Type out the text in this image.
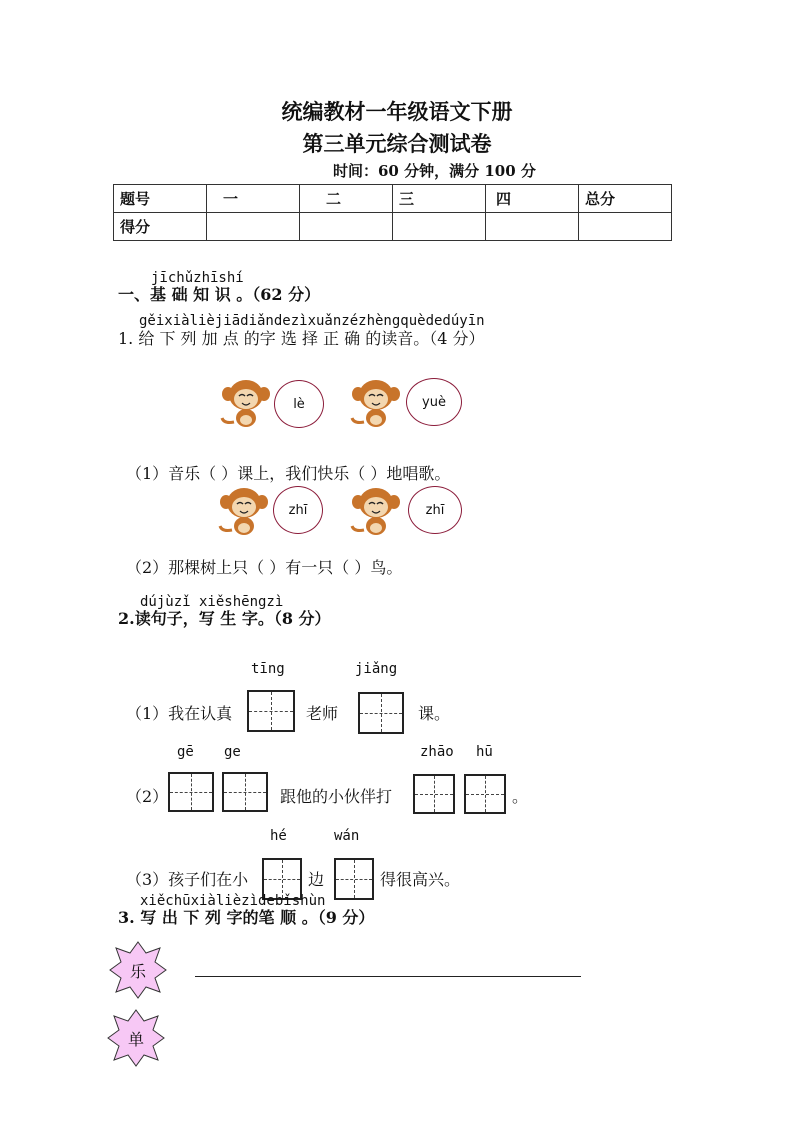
统编教材一年级语文下册
第三单元综合测试卷
时间：60 分钟，满分 100 分
题号	一	二	三	四	总分
得分					
jīchǔzhīshí
一、基 础 知 识 。（62 分）
gěixiàlièjiādiǎndezìxuǎnzézhèngquèdedúyīn
1. 给 下 列 加 点 的字 选 择 正 确 的读音。（4 分）
lè	yuè
（1）音乐（ ）课上，我们快乐（ ）地唱歌。
zhī	zhī
（2）那棵树上只（ ）有一只（ ）鸟。
dújùzǐ xiěshēngzì
2.读句子，写 生 字。（8 分）
tīng	jiǎng
（1）我在认真	老师	课。
gē ge	zhāo hū
（2）	跟他的小伙伴打	。
hé	wán
（3）孩子们在小	边	得很高兴。
xiěchūxiàlièzìdebǐshùn
3. 写 出 下 列 字的笔 顺 。（9 分）
乐
单
